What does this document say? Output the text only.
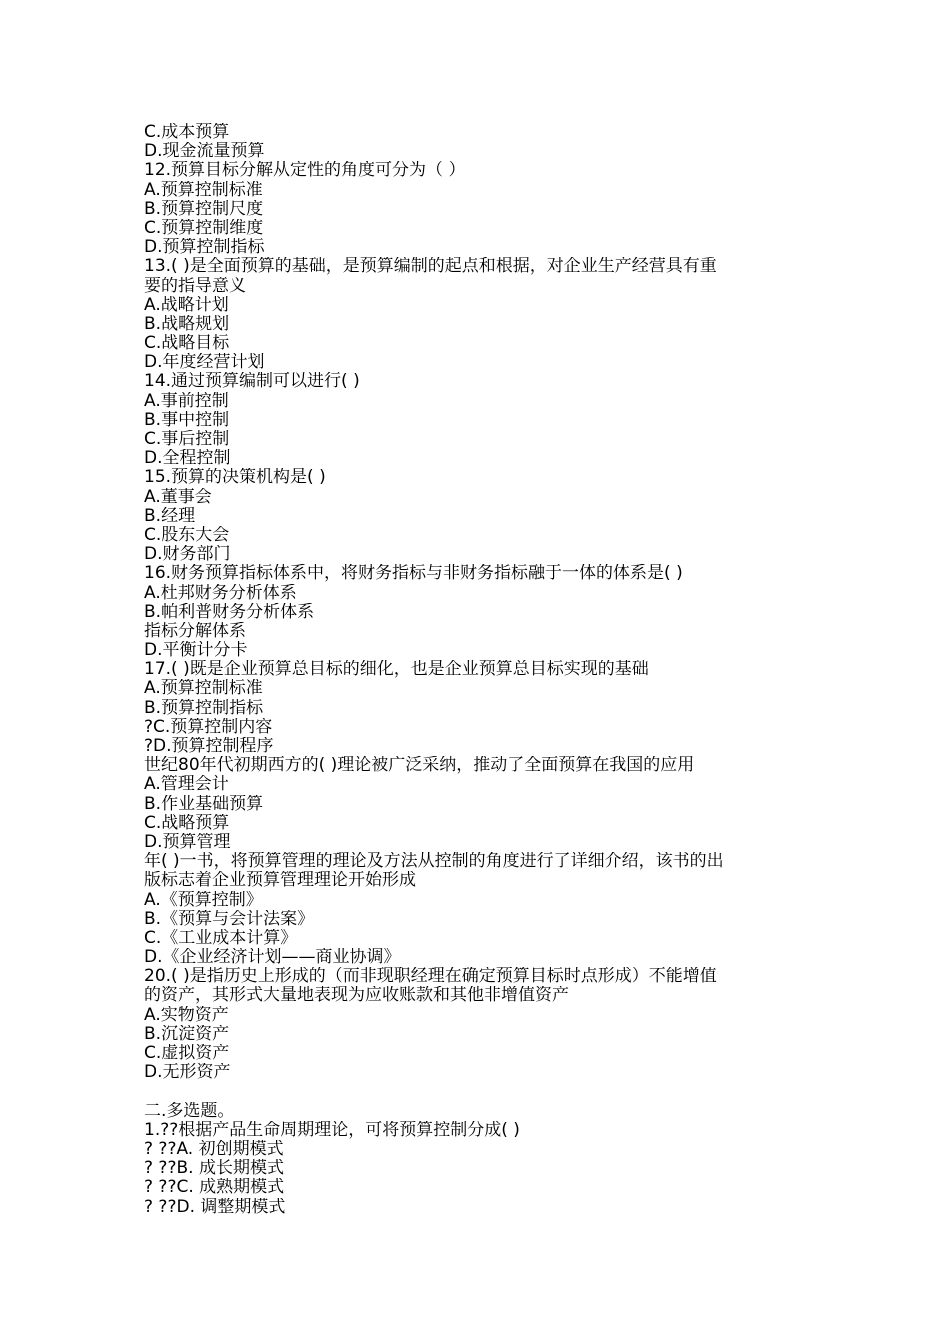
C.成本预算
D.现金流量预算
12.预算目标分解从定性的角度可分为（ ）
A.预算控制标准
B.预算控制尺度
C.预算控制维度
D.预算控制指标
13.( )是全面预算的基础，是预算编制的起点和根据，对企业生产经营具有重
要的指导意义
A.战略计划
B.战略规划
C.战略目标
D.年度经营计划
14.通过预算编制可以进行( )
A.事前控制
B.事中控制
C.事后控制
D.全程控制
15.预算的决策机构是( )
A.董事会
B.经理
C.股东大会
D.财务部门
16.财务预算指标体系中，将财务指标与非财务指标融于一体的体系是( )
A.杜邦财务分析体系
B.帕利普财务分析体系
指标分解体系
D.平衡计分卡
17.( )既是企业预算总目标的细化，也是企业预算总目标实现的基础
A.预算控制标准
B.预算控制指标
?C.预算控制内容
?D.预算控制程序
世纪80年代初期西方的( )理论被广泛采纳，推动了全面预算在我国的应用
A.管理会计
B.作业基础预算
C.战略预算
D.预算管理
年( )一书，将预算管理的理论及方法从控制的角度进行了详细介绍，该书的出
版标志着企业预算管理理论开始形成
A.《预算控制》
B.《预算与会计法案》
C.《工业成本计算》
D.《企业经济计划——商业协调》
20.( )是指历史上形成的（而非现职经理在确定预算目标时点形成）不能增值
的资产，其形式大量地表现为应收账款和其他非增值资产
A.实物资产
B.沉淀资产
C.虚拟资产
D.无形资产
二.多选题。
1.??根据产品生命周期理论，可将预算控制分成( )
? ??A. 初创期模式
? ??B. 成长期模式
? ??C. 成熟期模式
? ??D. 调整期模式
